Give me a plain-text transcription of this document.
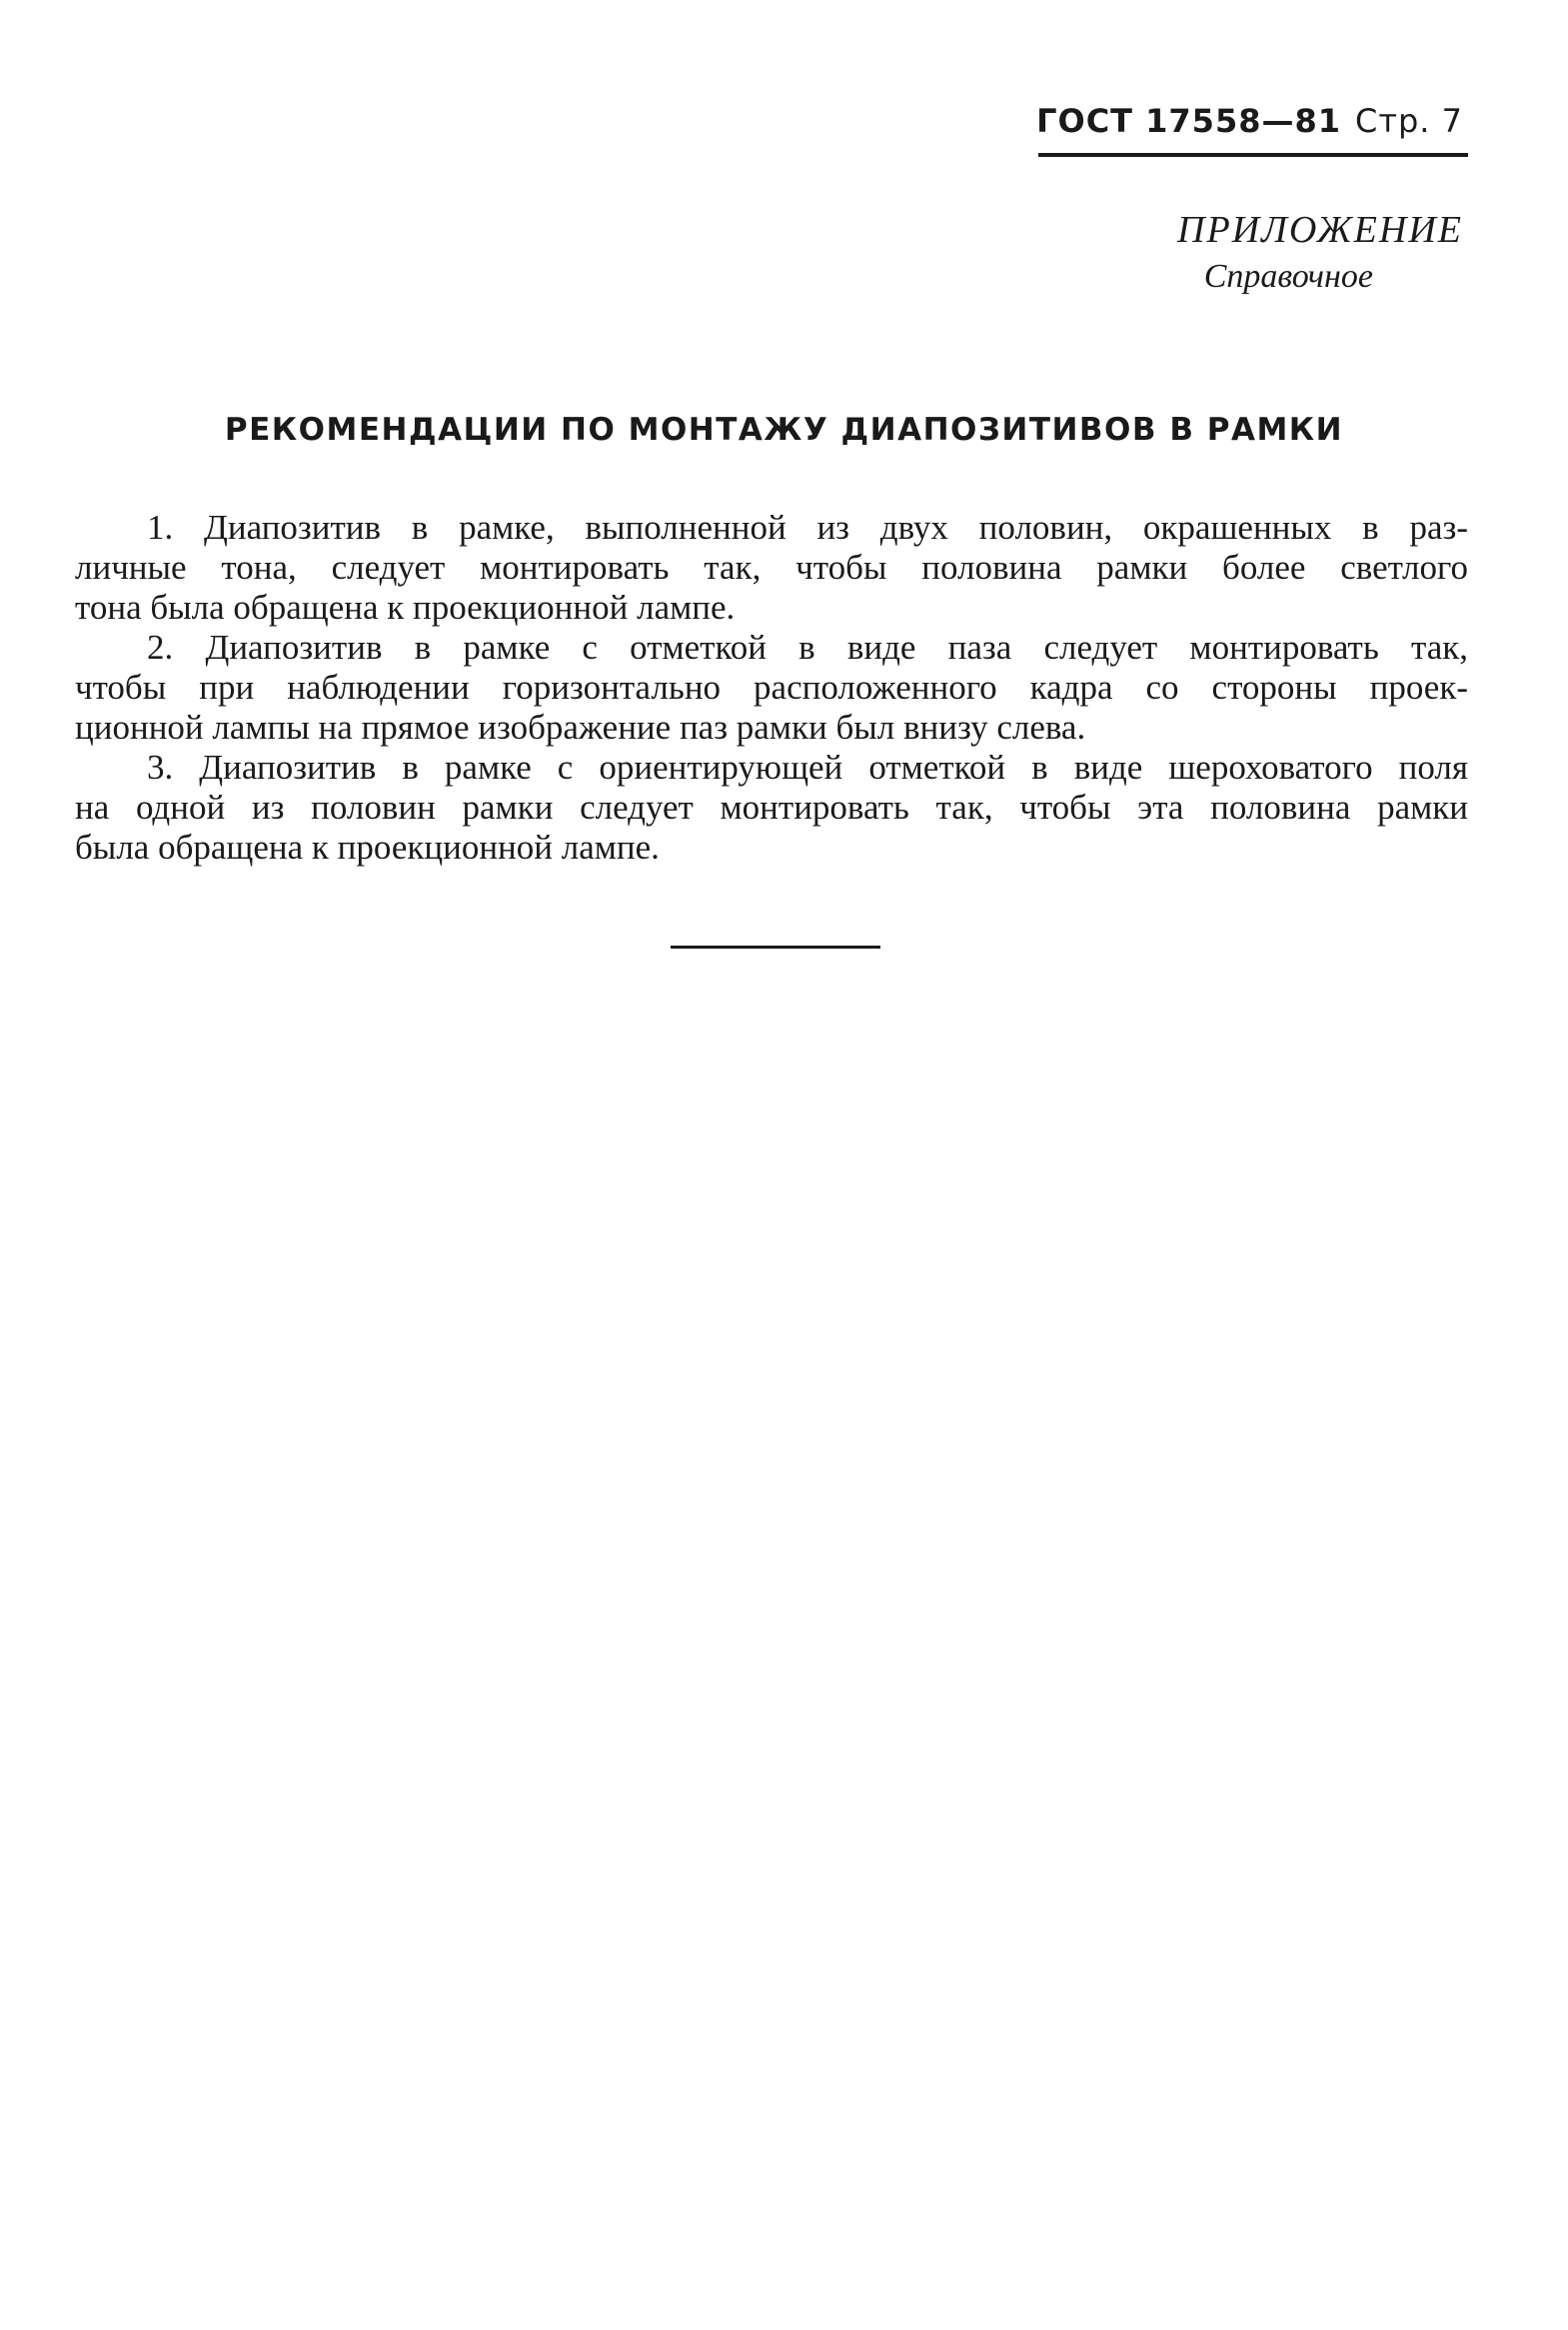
ГОСТ 17558—81 Стр. 7
ПРИЛОЖЕНИЕ
Справочное
РЕКОМЕНДАЦИИ ПО МОНТАЖУ ДИАПОЗИТИВОВ В РАМКИ
1. Диапозитив в рамке, выполненной из двух половин, окрашенных в раз-
личные тона, следует монтировать так, чтобы половина рамки более светлого
тона была обращена к проекционной лампе.
2. Диапозитив в рамке с отметкой в виде паза следует монтировать так,
чтобы при наблюдении горизонтально расположенного кадра со стороны проек-
ционной лампы на прямое изображение паз рамки был внизу слева.
3. Диапозитив в рамке с ориентирующей отметкой в виде шероховатого поля
на одной из половин рамки следует монтировать так, чтобы эта половина рамки
была обращена к проекционной лампе.
